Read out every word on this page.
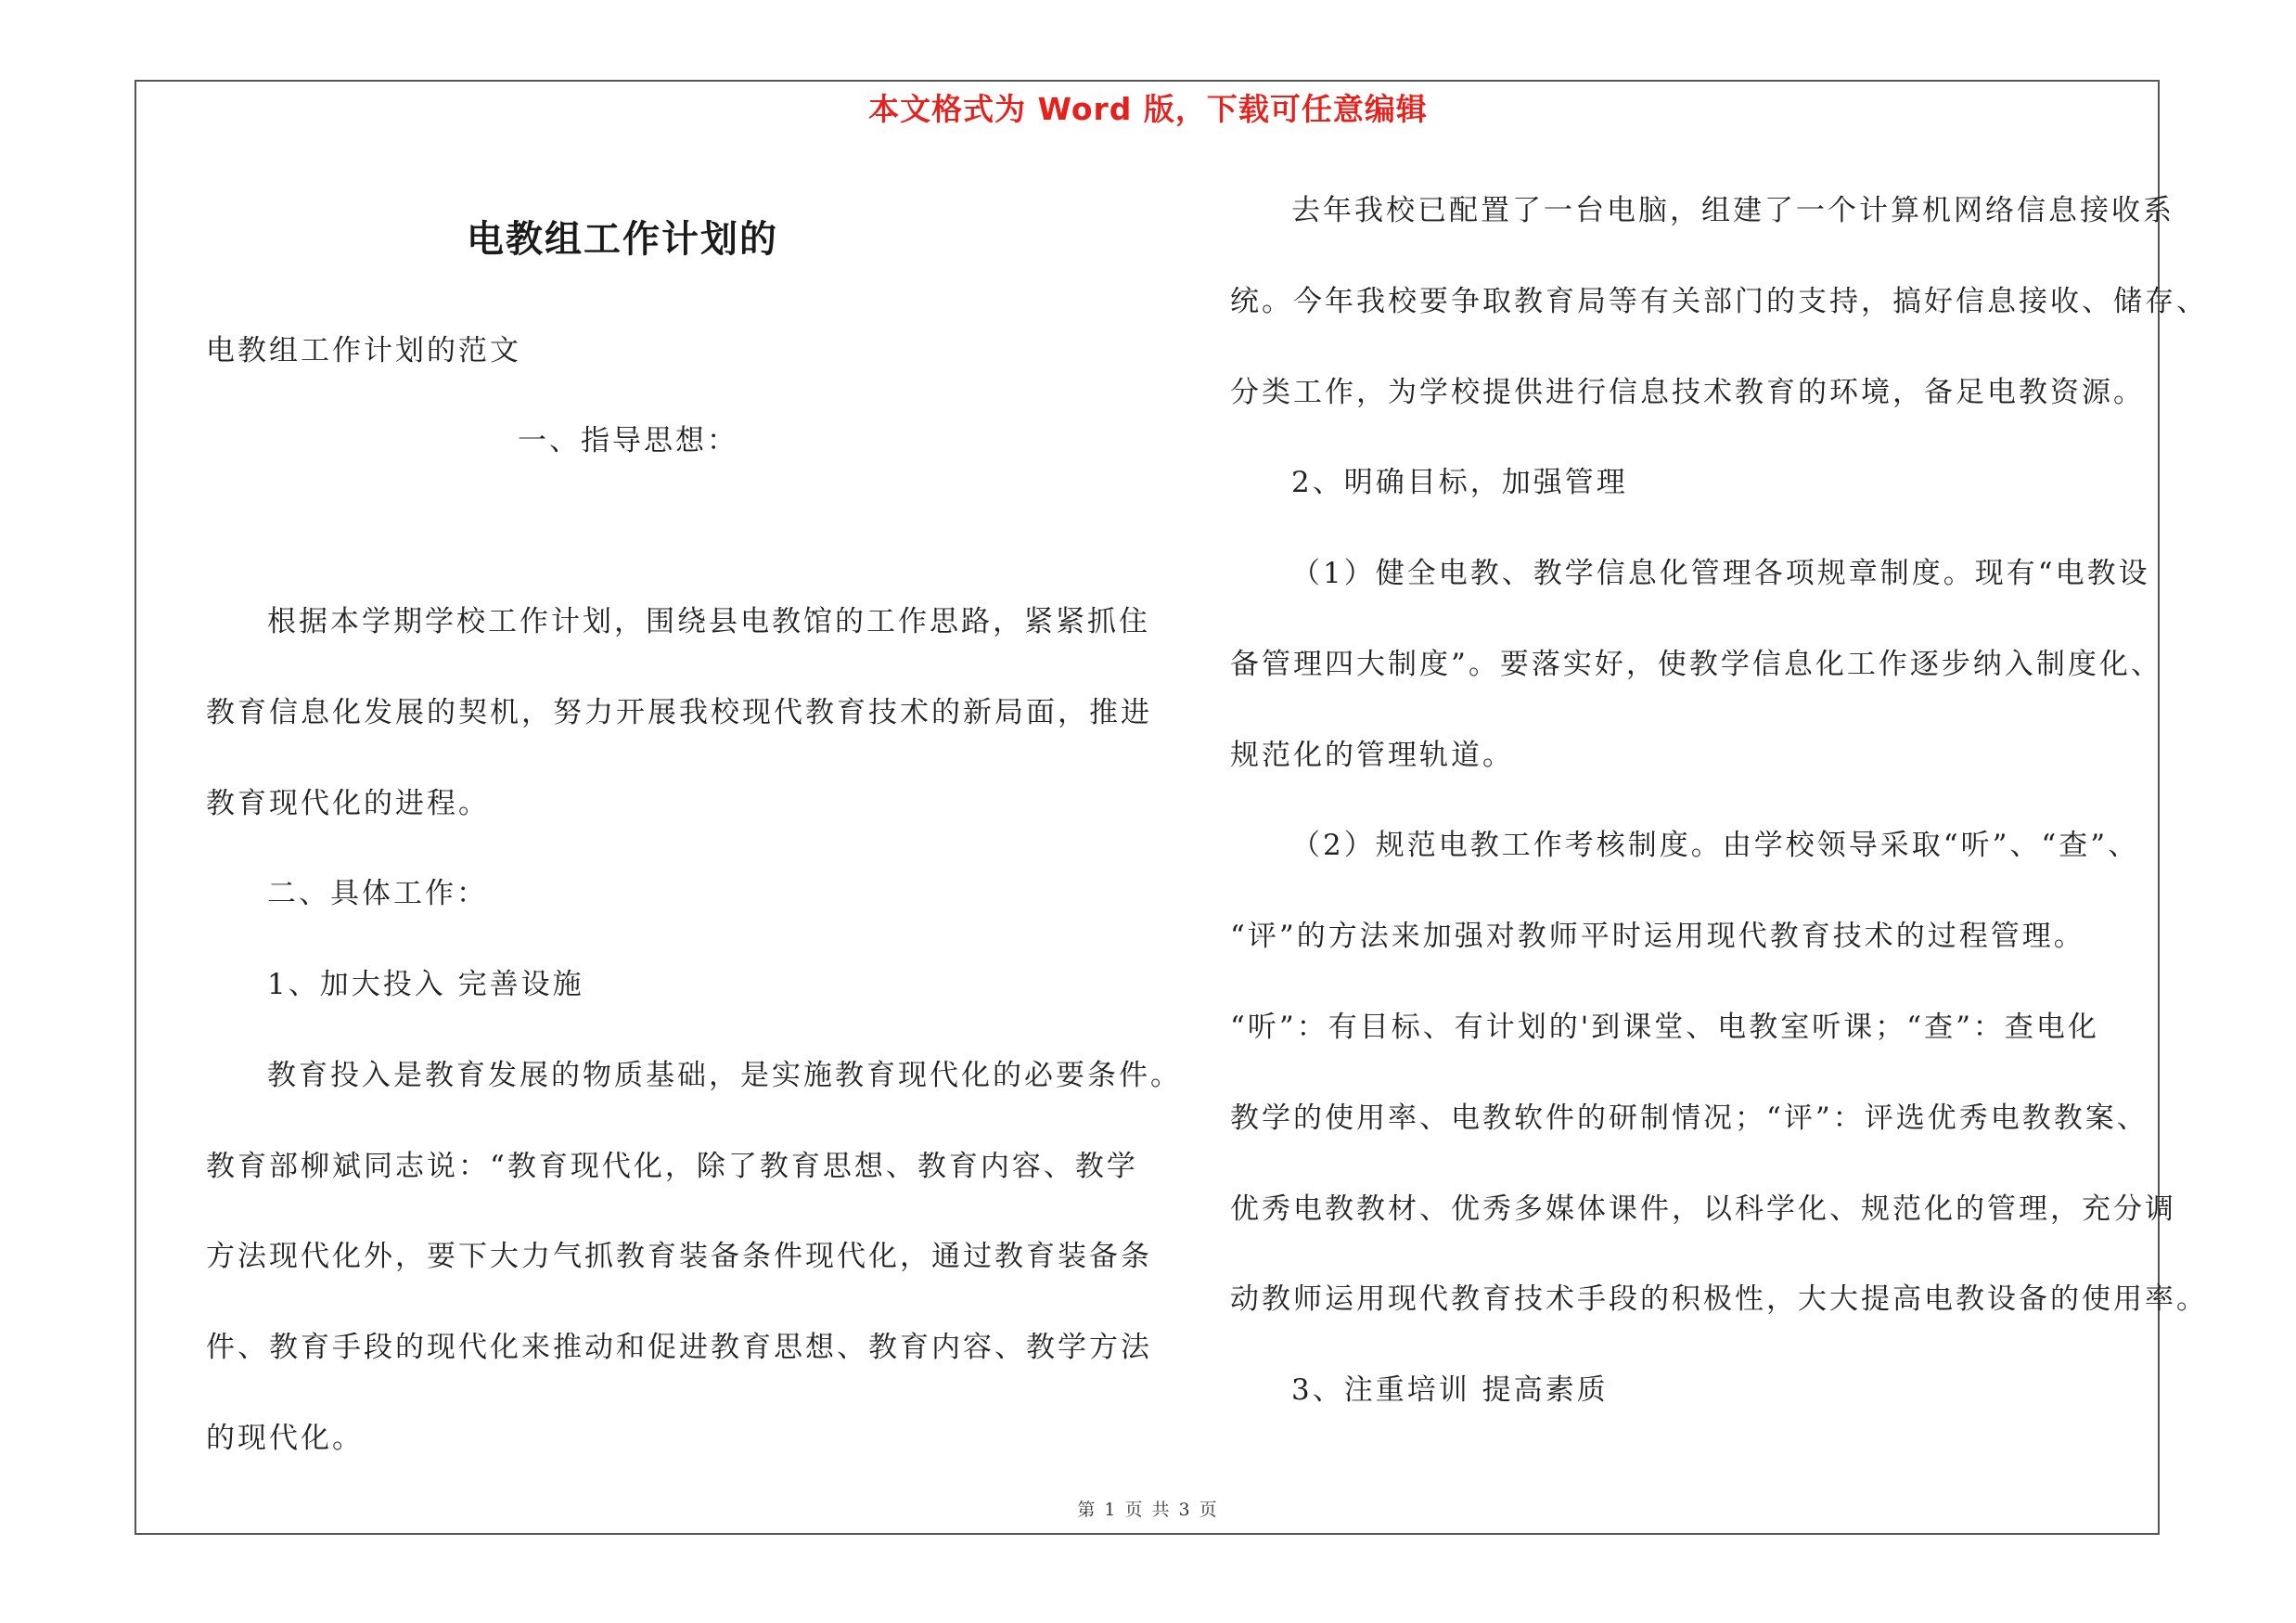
本文格式为 Word 版，下载可任意编辑
电教组工作计划的
电教组工作计划的范文
一、指导思想：
根据本学期学校工作计划，围绕县电教馆的工作思路，紧紧抓住
教育信息化发展的契机，努力开展我校现代教育技术的新局面，推进
教育现代化的进程。
二、具体工作：
1、加大投入 完善设施
教育投入是教育发展的物质基础，是实施教育现代化的必要条件。
教育部柳斌同志说：“教育现代化，除了教育思想、教育内容、教学
方法现代化外，要下大力气抓教育装备条件现代化，通过教育装备条
件、教育手段的现代化来推动和促进教育思想、教育内容、教学方法
的现代化。
去年我校已配置了一台电脑，组建了一个计算机网络信息接收系
统。今年我校要争取教育局等有关部门的支持，搞好信息接收、储存、
分类工作，为学校提供进行信息技术教育的环境，备足电教资源。
2、明确目标，加强管理
（1）健全电教、教学信息化管理各项规章制度。现有“电教设
备管理四大制度”。要落实好，使教学信息化工作逐步纳入制度化、
规范化的管理轨道。
（2）规范电教工作考核制度。由学校领导采取“听”、“查”、
“评”的方法来加强对教师平时运用现代教育技术的过程管理。
“听”：有目标、有计划的'到课堂、电教室听课；“查”：查电化
教学的使用率、电教软件的研制情况；“评”：评选优秀电教教案、
优秀电教教材、优秀多媒体课件，以科学化、规范化的管理，充分调
动教师运用现代教育技术手段的积极性，大大提高电教设备的使用率。
3、注重培训 提高素质
第 1 页 共 3 页
